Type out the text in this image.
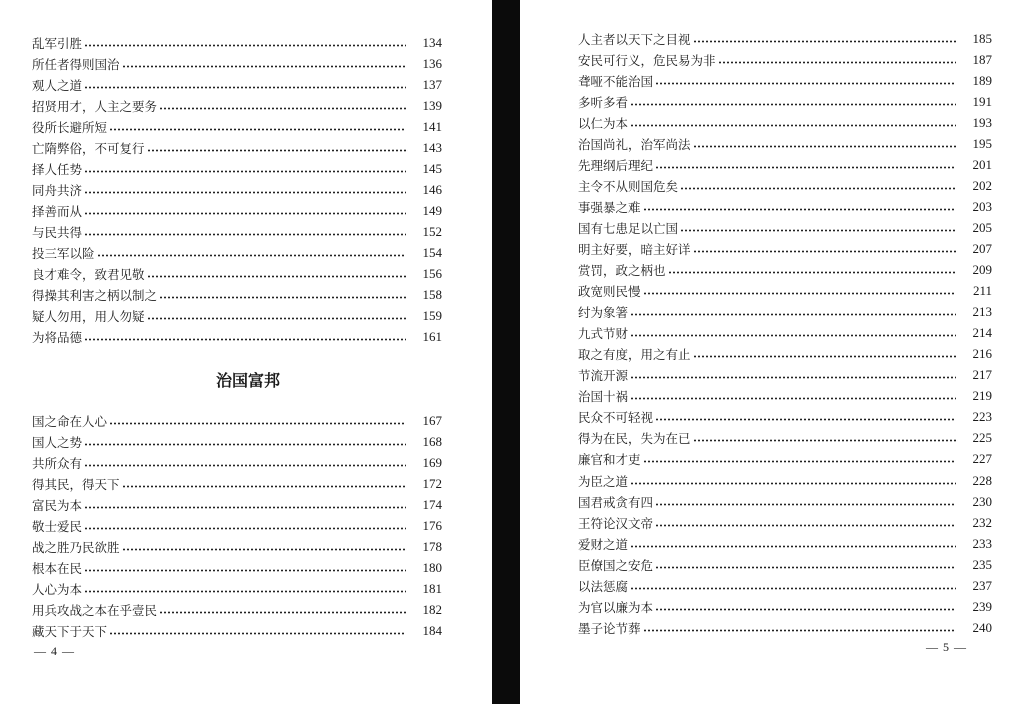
乱军引胜	134
所任者得则国治	136
观人之道	137
招贤用才，人主之要务	139
役所长避所短	141
亡隋弊俗，不可复行	143
择人任势	145
同舟共济	146
择善而从	149
与民共得	152
投三军以险	154
良才难令，致君见敬	156
得操其利害之柄以制之	158
疑人勿用，用人勿疑	159
为将品德	161
治国富邦
国之命在人心	167
国人之势	168
共所众有	169
得其民，得天下	172
富民为本	174
敬士爱民	176
战之胜乃民欲胜	178
根本在民	180
人心为本	181
用兵攻战之本在乎壹民	182
藏天下于天下	184
— 4 —
人主者以天下之目视	185
安民可行义，危民易为非	187
聋哑不能治国	189
多听多看	191
以仁为本	193
治国尚礼，治军尚法	195
先理纲后理纪	201
主令不从则国危矣	202
事强暴之难	203
国有七患足以亡国	205
明主好要，暗主好详	207
赏罚，政之柄也	209
政宽则民慢	211
纣为象箸	213
九式节财	214
取之有度，用之有止	216
节流开源	217
治国十祸	219
民众不可轻视	223
得为在民，失为在已	225
廉官和才吏	227
为臣之道	228
国君戒贪有四	230
王符论汉文帝	232
爱财之道	233
臣僚国之安危	235
以法惩腐	237
为官以廉为本	239
墨子论节葬	240
— 5 —
